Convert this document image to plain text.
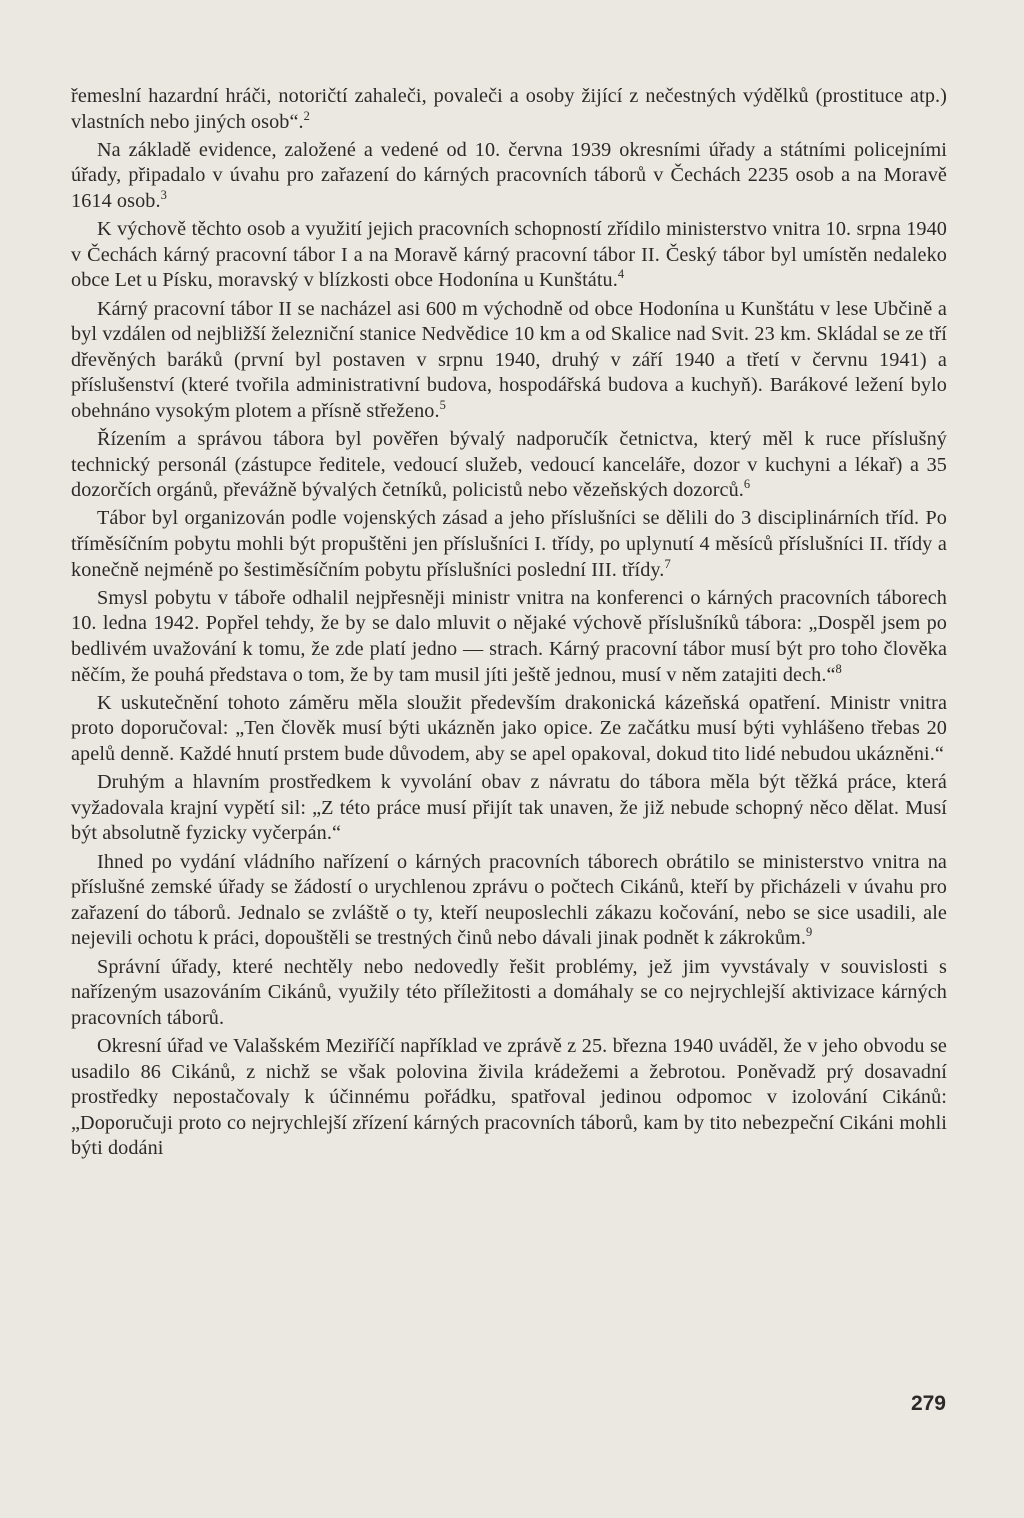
řemeslní hazardní hráči, notoričtí zahaleči, povaleči a osoby žijící z nečestných výdělků (prostituce atp.) vlastních nebo jiných osob“.$^2$

Na základě evidence, založené a vedené od 10. června 1939 okresními úřady a státními policejními úřady, připadalo v úvahu pro zařazení do kárných pracovních táborů v Čechách 2235 osob a na Moravě 1614 osob.$^3$

K výchově těchto osob a využití jejich pracovních schopností zřídilo ministerstvo vnitra 10. srpna 1940 v Čechách kárný pracovní tábor I a na Moravě kárný pracovní tábor II. Český tábor byl umístěn nedaleko obce Let u Písku, moravský v blízkosti obce Hodonína u Kunštátu.$^4$

Kárný pracovní tábor II se nacházel asi 600 m východně od obce Hodonína u Kunštátu v lese Ubčině a byl vzdálen od nejbližší železniční stanice Nedvědice 10 km a od Skalice nad Svit. 23 km. Skládal se ze tří dřevěných baráků (první byl postaven v srpnu 1940, druhý v září 1940 a třetí v červnu 1941) a příslušenství (které tvořila administrativní budova, hospodářská budova a kuchyň). Barákové ležení bylo obehnáno vysokým plotem a přísně střeženo.$^5$

Řízením a správou tábora byl pověřen bývalý nadporučík četnictva, který měl k ruce příslušný technický personál (zástupce ředitele, vedoucí služeb, vedoucí kanceláře, dozor v kuchyni a lékař) a 35 dozorčích orgánů, převážně bývalých četníků, policistů nebo vězeňských dozorců.$^6$

Tábor byl organizován podle vojenských zásad a jeho příslušníci se dělili do 3 disciplinárních tříd. Po tříměsíčním pobytu mohli být propuštěni jen příslušníci I. třídy, po uplynutí 4 měsíců příslušníci II. třídy a konečně nejméně po šestiměsíčním pobytu příslušníci poslední III. třídy.$^7$

Smysl pobytu v táboře odhalil nejpřesněji ministr vnitra na konferenci o kárných pracovních táborech 10. ledna 1942. Popřel tehdy, že by se dalo mluvit o nějaké výchově příslušníků tábora: „Dospěl jsem po bedlivém uvažování k tomu, že zde platí jedno — strach. Kárný pracovní tábor musí být pro toho člověka něčím, že pouhá představa o tom, že by tam musil jíti ještě jednou, musí v něm zatajiti dech.“$^8$

K uskutečnění tohoto záměru měla sloužit především drakonická kázeňská opatření. Ministr vnitra proto doporučoval: „Ten člověk musí býti ukázněn jako opice. Ze začátku musí býti vyhlášeno třebas 20 apelů denně. Každé hnutí prstem bude důvodem, aby se apel opakoval, dokud tito lidé nebudou ukázněni.“

Druhým a hlavním prostředkem k vyvolání obav z návratu do tábora měla být těžká práce, která vyžadovala krajní vypětí sil: „Z této práce musí přijít tak unaven, že již nebude schopný něco dělat. Musí být absolutně fyzicky vyčerpán.“

Ihned po vydání vládního nařízení o kárných pracovních táborech obrátilo se ministerstvo vnitra na příslušné zemské úřady se žádostí o urychlenou zprávu o počtech Cikánů, kteří by přicházeli v úvahu pro zařazení do táborů. Jednalo se zvláště o ty, kteří neuposlechli zákazu kočování, nebo se sice usadili, ale nejevili ochotu k práci, dopouštěli se trestných činů nebo dávali jinak podnět k zákrokům.$^9$

Správní úřady, které nechtěly nebo nedovedly řešit problémy, jež jim vyvstávaly v souvislosti s nařízeným usazováním Cikánů, využily této příležitosti a domáhaly se co nejrychlejší aktivizace kárných pracovních táborů.

Okresní úřad ve Valašském Meziříčí například ve zprávě z 25. března 1940 uváděl, že v jeho obvodu se usadilo 86 Cikánů, z nichž se však polovina živila krádežemi a žebrotou. Poněvadž prý dosavadní prostředky nepostačovaly k účinnému pořádku, spatřoval jedinou odpomoc v izolování Cikánů: „Doporučuji proto co nejrychlejší zřízení kárných pracovních táborů, kam by tito nebezpeční Cikáni mohli býti dodáni

279
